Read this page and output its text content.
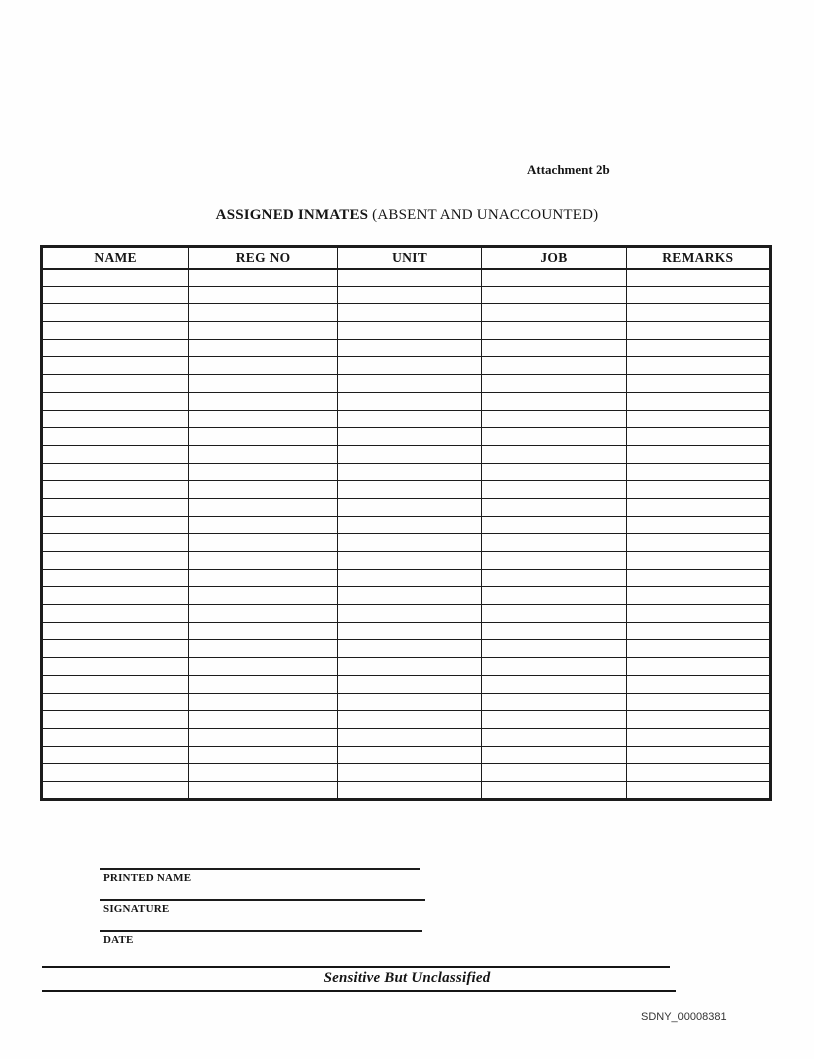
Attachment 2b
ASSIGNED INMATES (ABSENT AND UNACCOUNTED)
NAME	REG NO	UNIT	JOB	REMARKS

PRINTED NAME
SIGNATURE
DATE
Sensitive But Unclassified
SDNY_00008381
